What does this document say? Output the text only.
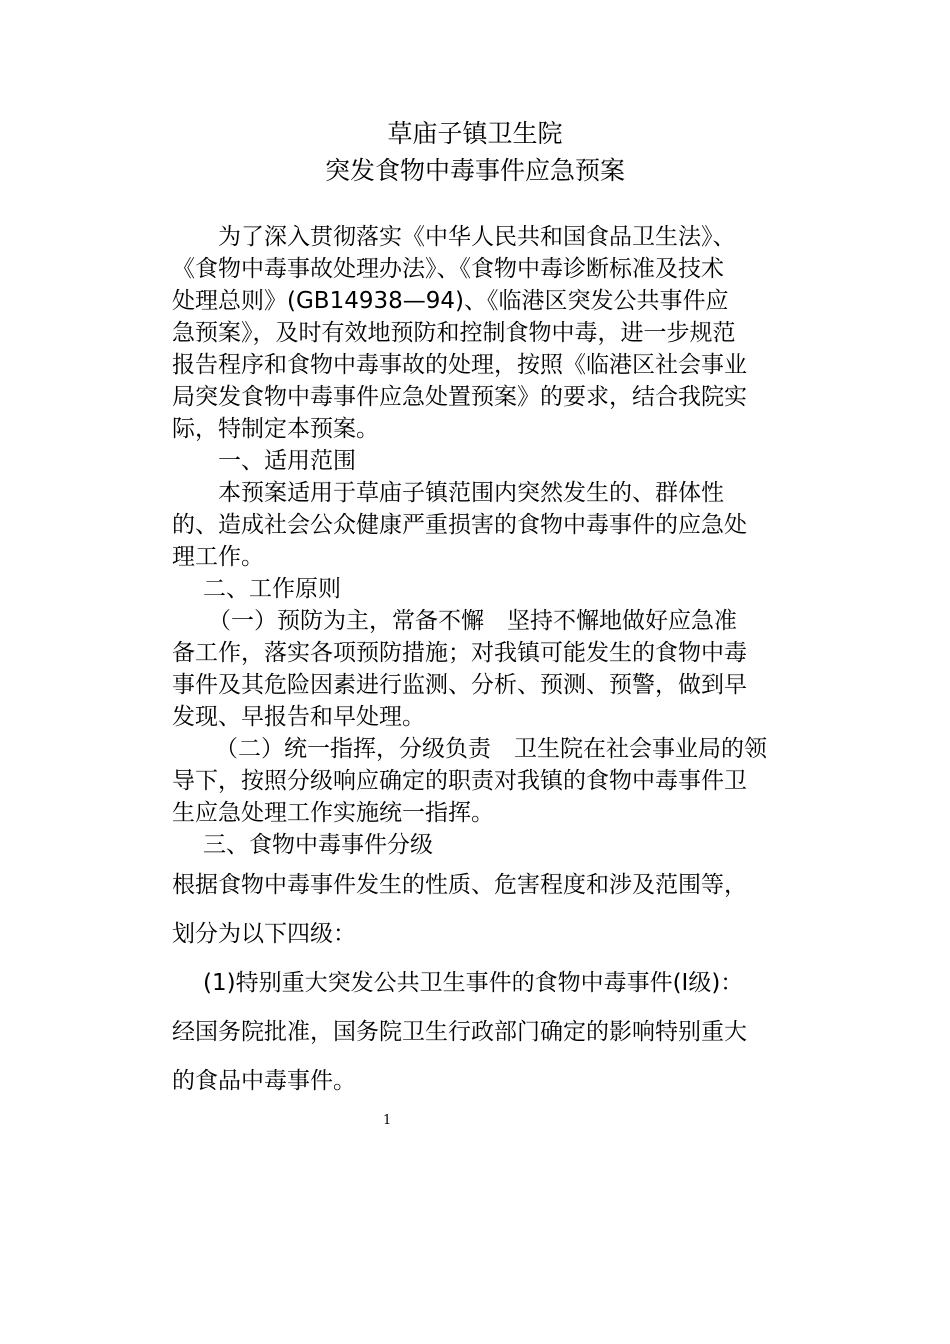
草庙子镇卫生院
突发食物中毒事件应急预案
为了深入贯彻落实《中华人民共和国食品卫生法》、
《食物中毒事故处理办法》、《食物中毒诊断标准及技术
处理总则》(GB14938—94)、《临港区突发公共事件应
急预案》，及时有效地预防和控制食物中毒，进一步规范
报告程序和食物中毒事故的处理，按照《临港区社会事业
局突发食物中毒事件应急处置预案》的要求，结合我院实
际，特制定本预案。
一、适用范围
本预案适用于草庙子镇范围内突然发生的、群体性
的、造成社会公众健康严重损害的食物中毒事件的应急处
理工作。
二、工作原则
（一）预防为主，常备不懈　坚持不懈地做好应急准
备工作，落实各项预防措施；对我镇可能发生的食物中毒
事件及其危险因素进行监测、分析、预测、预警，做到早
发现、早报告和早处理。
（二）统一指挥，分级负责　卫生院在社会事业局的领
导下，按照分级响应确定的职责对我镇的食物中毒事件卫
生应急处理工作实施统一指挥。
三、食物中毒事件分级
根据食物中毒事件发生的性质、危害程度和涉及范围等，
划分为以下四级：
(1)特别重大突发公共卫生事件的食物中毒事件(I级)：
经国务院批准，国务院卫生行政部门确定的影响特别重大
的食品中毒事件。
1
